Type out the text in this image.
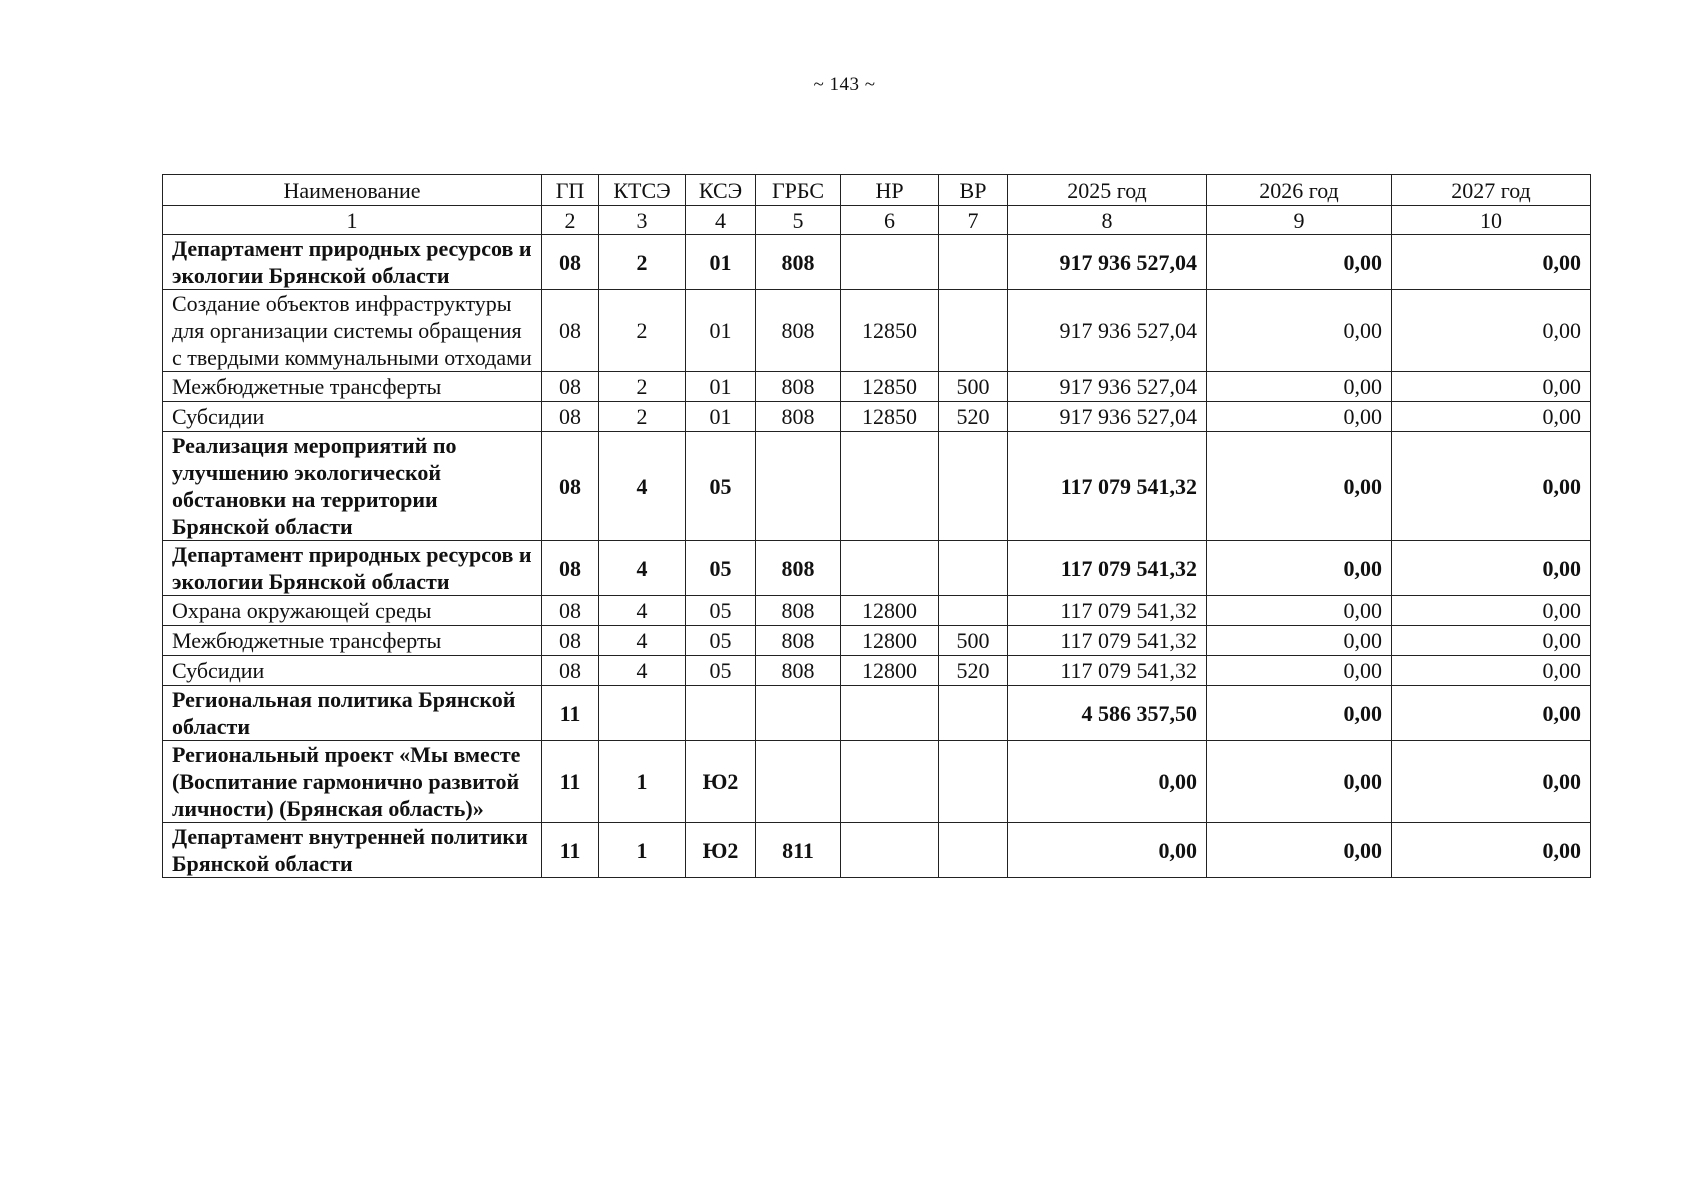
~ 143 ~
Наименование	ГП	КТСЭ	КСЭ	ГРБС	НР	ВР	2025 год	2026 год	2027 год
1	2	3	4	5	6	7	8	9	10
Департамент природных ресурсов и экологии Брянской области	08	2	01	808			917 936 527,04	0,00	0,00
Создание объектов инфраструктуры для организации системы обращения с твердыми коммунальными отходами	08	2	01	808	12850		917 936 527,04	0,00	0,00
Межбюджетные трансферты	08	2	01	808	12850	500	917 936 527,04	0,00	0,00
Субсидии	08	2	01	808	12850	520	917 936 527,04	0,00	0,00
Реализация мероприятий по улучшению экологической обстановки на территории Брянской области	08	4	05				117 079 541,32	0,00	0,00
Департамент природных ресурсов и экологии Брянской области	08	4	05	808			117 079 541,32	0,00	0,00
Охрана окружающей среды	08	4	05	808	12800		117 079 541,32	0,00	0,00
Межбюджетные трансферты	08	4	05	808	12800	500	117 079 541,32	0,00	0,00
Субсидии	08	4	05	808	12800	520	117 079 541,32	0,00	0,00
Региональная политика Брянской области	11						4 586 357,50	0,00	0,00
Региональный проект «Мы вместе (Воспитание гармонично развитой личности) (Брянская область)»	11	1	Ю2				0,00	0,00	0,00
Департамент внутренней политики Брянской области	11	1	Ю2	811			0,00	0,00	0,00
